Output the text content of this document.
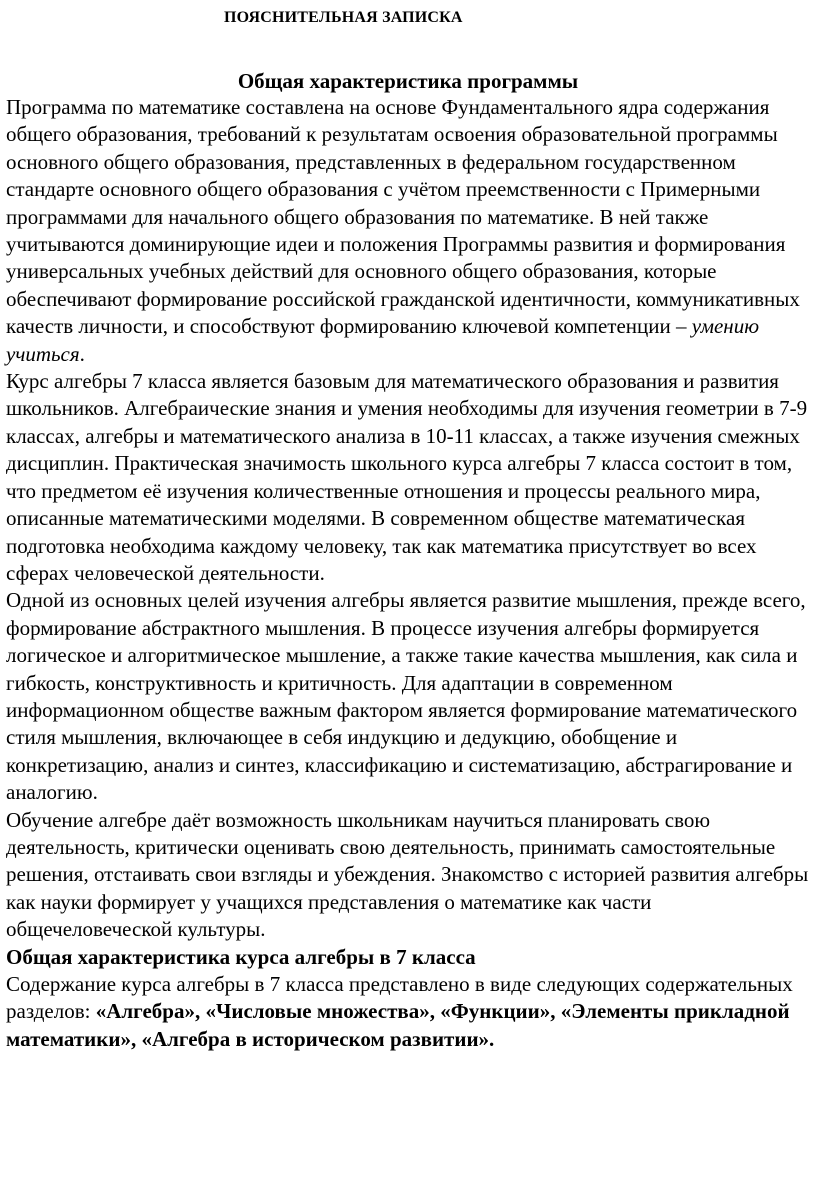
ПОЯСНИТЕЛЬНАЯ ЗАПИСКА
Общая характеристика программы

Программа по математике составлена на основе Фундаментального ядра содержания общего образования, требований к результатам освоения образовательной программы основного общего образования, представленных в федеральном государственном стандарте основного общего образования с учётом преемственности с Примерными программами для начального общего образования по математике. В ней также учитываются доминирующие идеи и положения Программы развития и формирования универсальных учебных действий для основного общего образования, которые обеспечивают формирование российской гражданской идентичности, коммуникативных качеств личности, и способствуют формированию ключевой компетенции – умению учиться.

Курс алгебры 7 класса является базовым для математического образования и развития школьников. Алгебраические знания и умения необходимы для изучения геометрии в 7-9 классах, алгебры и математического анализа в 10-11 классах, а также изучения смежных дисциплин. Практическая значимость школьного курса алгебры 7 класса состоит в том, что предметом её изучения количественные отношения и процессы реального мира, описанные математическими моделями. В современном обществе математическая подготовка необходима каждому человеку, так как математика присутствует во всех сферах человеческой деятельности.

Одной из основных целей изучения алгебры является развитие мышления, прежде всего, формирование абстрактного мышления. В процессе изучения алгебры формируется логическое и алгоритмическое мышление, а также такие качества мышления, как сила и гибкость, конструктивность и критичность. Для адаптации в современном информационном обществе важным фактором является формирование математического стиля мышления, включающее в себя индукцию и дедукцию, обобщение и конкретизацию, анализ и синтез, классификацию и систематизацию, абстрагирование и аналогию.

Обучение алгебре даёт возможность школьникам научиться планировать свою деятельность, критически оценивать свою деятельность, принимать самостоятельные решения, отстаивать свои взгляды и убеждения. Знакомство с историей развития алгебры как науки формирует у учащихся представления о математике как части общечеловеческой культуры.

Общая характеристика курса алгебры в 7 класса

Содержание курса алгебры в 7 класса представлено в виде следующих содержательных разделов: «Алгебра», «Числовые множества», «Функции», «Элементы прикладной математики», «Алгебра в историческом развитии».
